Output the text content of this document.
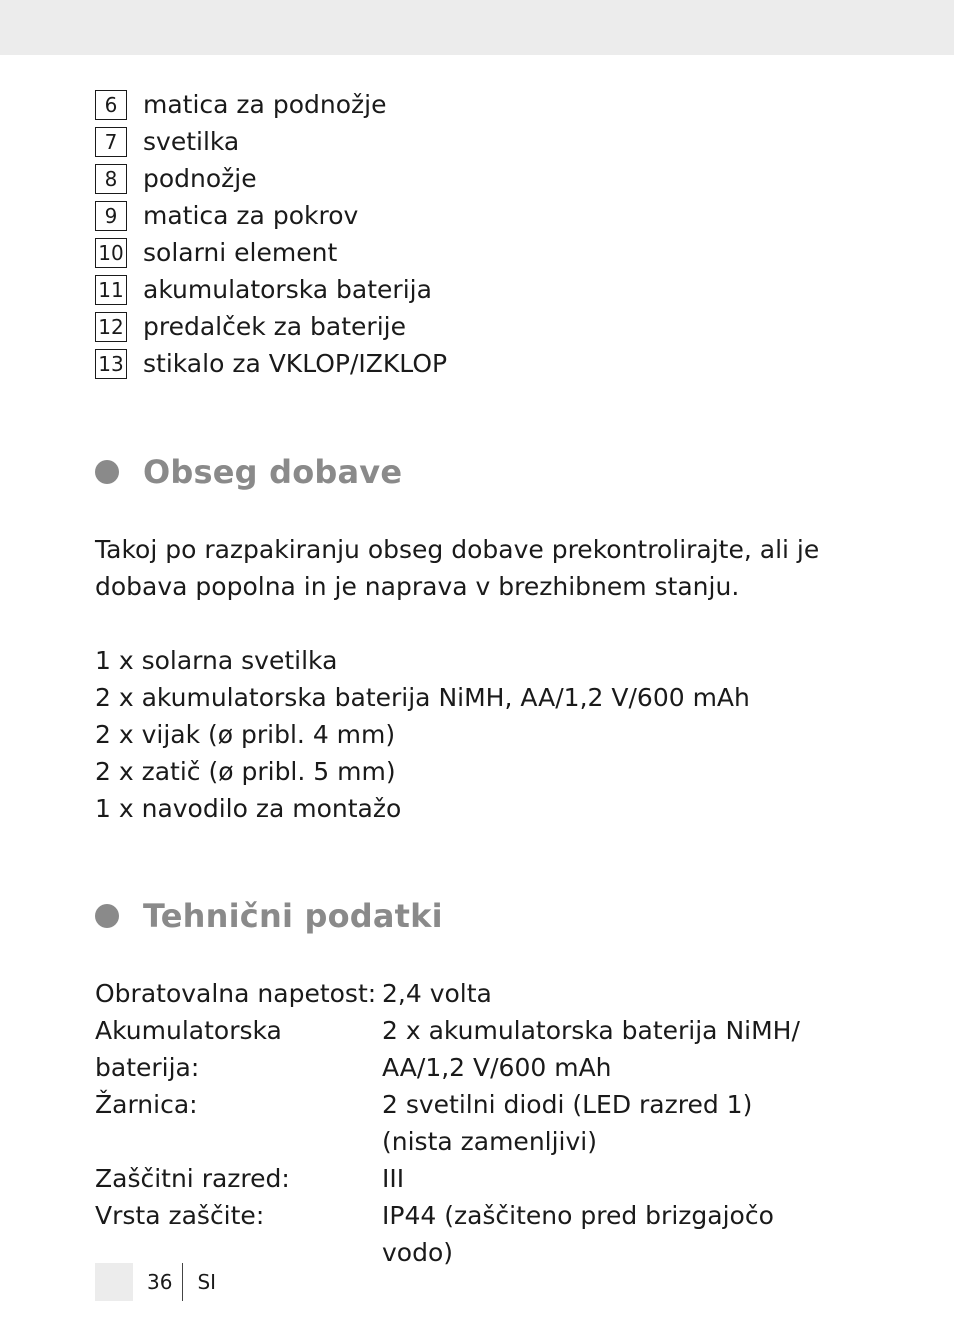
6	matica za podnožje
7	svetilka
8	podnožje
9	matica za pokrov
10 solarni element
11 akumulatorska baterija
12 predalček za baterije
13 stikalo za VKLOP/IZKLOP
Obseg dobave
Takoj po razpakiranju obseg dobave prekontrolirajte, ali je
dobava popolna in je naprava v brezhibnem stanju.
1 x solarna svetilka
2 x akumulatorska baterija NiMH, AA/1,2 V/600 mAh
2 x vijak (ø pribl. 4 mm)
2 x zatič (ø pribl. 5 mm)
1 x navodilo za montažo
Tehnični podatki
Obratovalna napetost: 2,4 volta
Akumulatorska baterija:
2 x akumulatorska baterija NiMH/
AA/1,2 V/600 mAh
Žarnica:	2 svetilni diodi (LED razred 1)
(nista zamenljivi)
Zaščitni razred:	III
Vrsta zaščite:	IP44 (zaščiteno pred brizgajočo vodo)
36 SI
